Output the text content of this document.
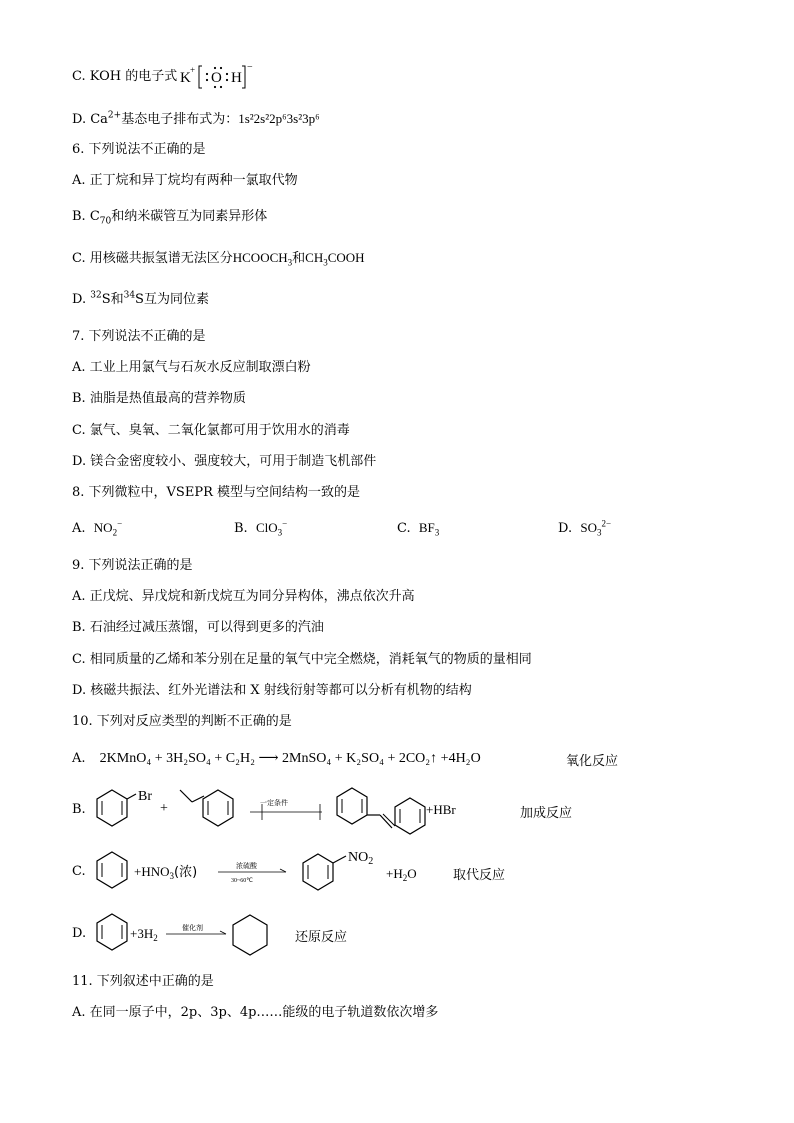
C. KOH 的电子式 K + O H
−
D. $Ca^{2+}$基态电子排布式为：1s²2s²2p⁶3s²3p⁶
6. 下列说法不正确的是
A. 正丁烷和异丁烷均有两种一氯取代物
B. $C_{70}$和纳米碳管互为同素异形体
C. 用核磁共振氢谱无法区分$HCOOCH_3$和$CH_3COOH$
D. $^{32}$S和$^{34}$S互为同位素
7. 下列说法不正确的是
A. 工业上用氯气与石灰水反应制取漂白粉
B. 油脂是热值最高的营养物质
C. 氯气、臭氧、二氧化氯都可用于饮用水的消毒
D. 镁合金密度较小、强度较大，可用于制造飞机部件
8. 下列微粒中，VSEPR 模型与空间结构一致的是
A. $NO_2^-$	B. ClO$_3$−	C. $BF_3$	D. $SO_3^{2-}$
9. 下列说法正确的是
A. 正戊烷、异戊烷和新戊烷互为同分异构体，沸点依次升高
B. 石油经过减压蒸馏，可以得到更多的汽油
C. 相同质量的乙烯和苯分别在足量的氧气中完全燃烧，消耗氧气的物质的量相同
D. 核磁共振法、红外光谱法和 X 射线衍射等都可以分析有机物的结构
10. 下列对反应类型的判断不正确的是
A. 2KMnO₄ + 3H₂SO₄ + C₂H₂ ⟶ 2MnSO₄ + K₂SO₄ + 2CO₂↑ +4H₂O	氧化反应
B.
Br
+	一定条件	+HBr	加成反应
C.	$+HNO_3$(浓)	浓硫酸
30~60℃
$NO_2$
$+H_2O$	取代反应
D.	$+3H_2$
催化剂
还原反应
11. 下列叙述中正确的是
A. 在同一原子中，2p、3p、4p……能级的电子轨道数依次增多
